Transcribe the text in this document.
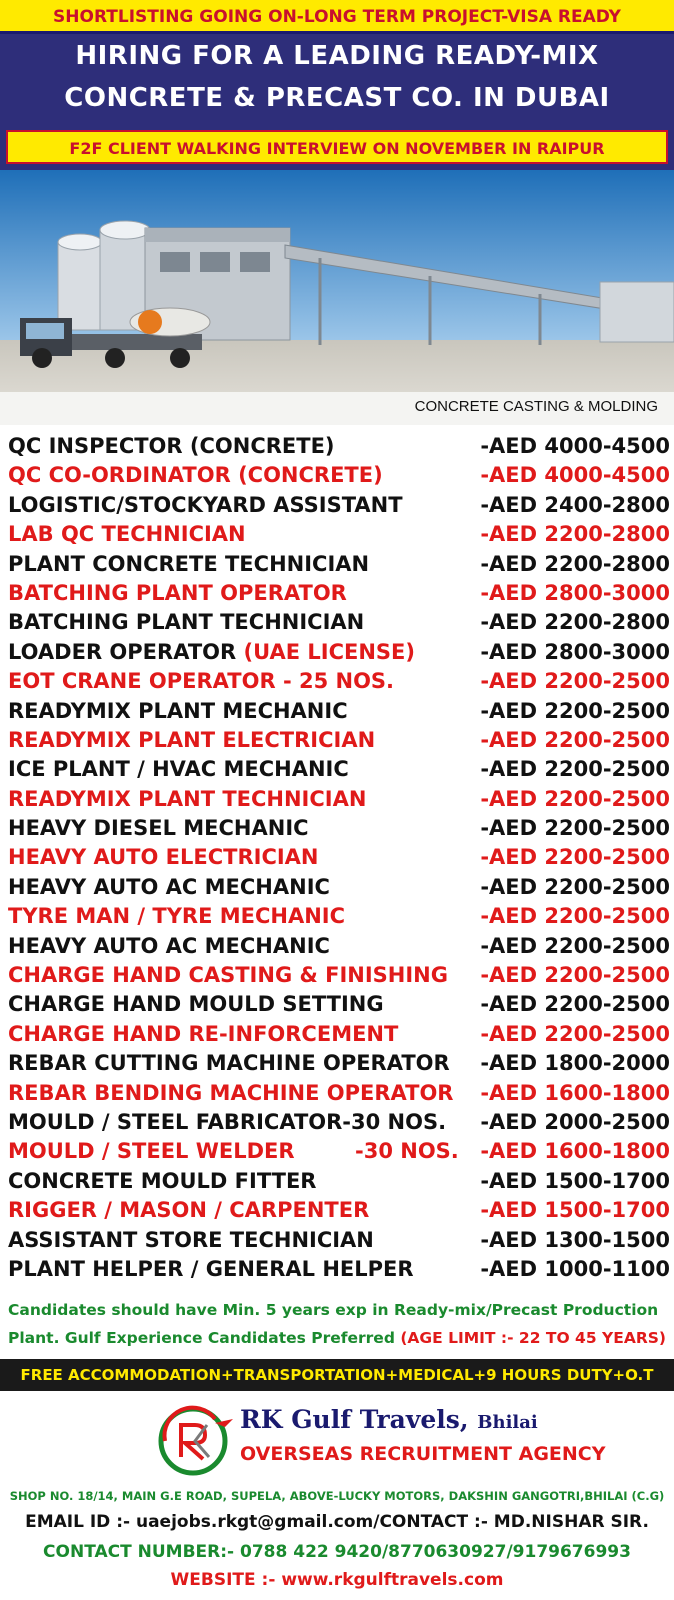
SHORTLISTING GOING ON-LONG TERM PROJECT-VISA READY
HIRING FOR A LEADING READY-MIX
CONCRETE & PRECAST CO. IN DUBAI
F2F CLIENT WALKING INTERVIEW ON NOVEMBER IN RAIPUR
CONCRETE CASTING & MOLDING
QC INSPECTOR (CONCRETE)	-AED 4000-4500
QC CO-ORDINATOR (CONCRETE)	-AED 4000-4500
LOGISTIC/STOCKYARD ASSISTANT	-AED 2400-2800
LAB QC TECHNICIAN	-AED 2200-2800
PLANT CONCRETE TECHNICIAN	-AED 2200-2800
BATCHING PLANT OPERATOR	-AED 2800-3000
BATCHING PLANT TECHNICIAN	-AED 2200-2800
LOADER OPERATOR (UAE LICENSE)	-AED 2800-3000
EOT CRANE OPERATOR - 25 NOS.	-AED 2200-2500
READYMIX PLANT MECHANIC	-AED 2200-2500
READYMIX PLANT ELECTRICIAN	-AED 2200-2500
ICE PLANT / HVAC MECHANIC	-AED 2200-2500
READYMIX PLANT TECHNICIAN	-AED 2200-2500
HEAVY DIESEL MECHANIC	-AED 2200-2500
HEAVY AUTO ELECTRICIAN	-AED 2200-2500
HEAVY AUTO AC MECHANIC	-AED 2200-2500
TYRE MAN / TYRE MECHANIC	-AED 2200-2500
HEAVY AUTO AC MECHANIC	-AED 2200-2500
CHARGE HAND CASTING & FINISHING -AED 2200-2500
CHARGE HAND MOULD SETTING	-AED 2200-2500
CHARGE HAND RE-INFORCEMENT	-AED 2200-2500
REBAR CUTTING MACHINE OPERATOR -AED 1800-2000
REBAR BENDING MACHINE OPERATOR -AED 1600-1800
MOULD / STEEL FABRICATOR-30 NOS. -AED 2000-2500
MOULD / STEEL WELDER	-30 NOS. -AED 1600-1800
CONCRETE MOULD FITTER	-AED 1500-1700
RIGGER / MASON / CARPENTER	-AED 1500-1700
ASSISTANT STORE TECHNICIAN	-AED 1300-1500
PLANT HELPER / GENERAL HELPER	-AED 1000-1100
Candidates should have Min. 5 years exp in Ready-mix/Precast Production
Plant. Gulf Experience Candidates Preferred (AGE LIMIT :- 22 TO 45 YEARS)
FREE ACCOMMODATION+TRANSPORTATION+MEDICAL+9 HOURS DUTY+O.T
RK Gulf Travels, Bhilai
OVERSEAS RECRUITMENT AGENCY
SHOP NO. 18/14, MAIN G.E ROAD, SUPELA, ABOVE-LUCKY MOTORS, DAKSHIN GANGOTRI,BHILAI (C.G)
EMAIL ID :- uaejobs.rkgt@gmail.com/CONTACT :- MD.NISHAR SIR.
CONTACT NUMBER:- 0788 422 9420/8770630927/9179676993
WEBSITE :- www.rkgulftravels.com
